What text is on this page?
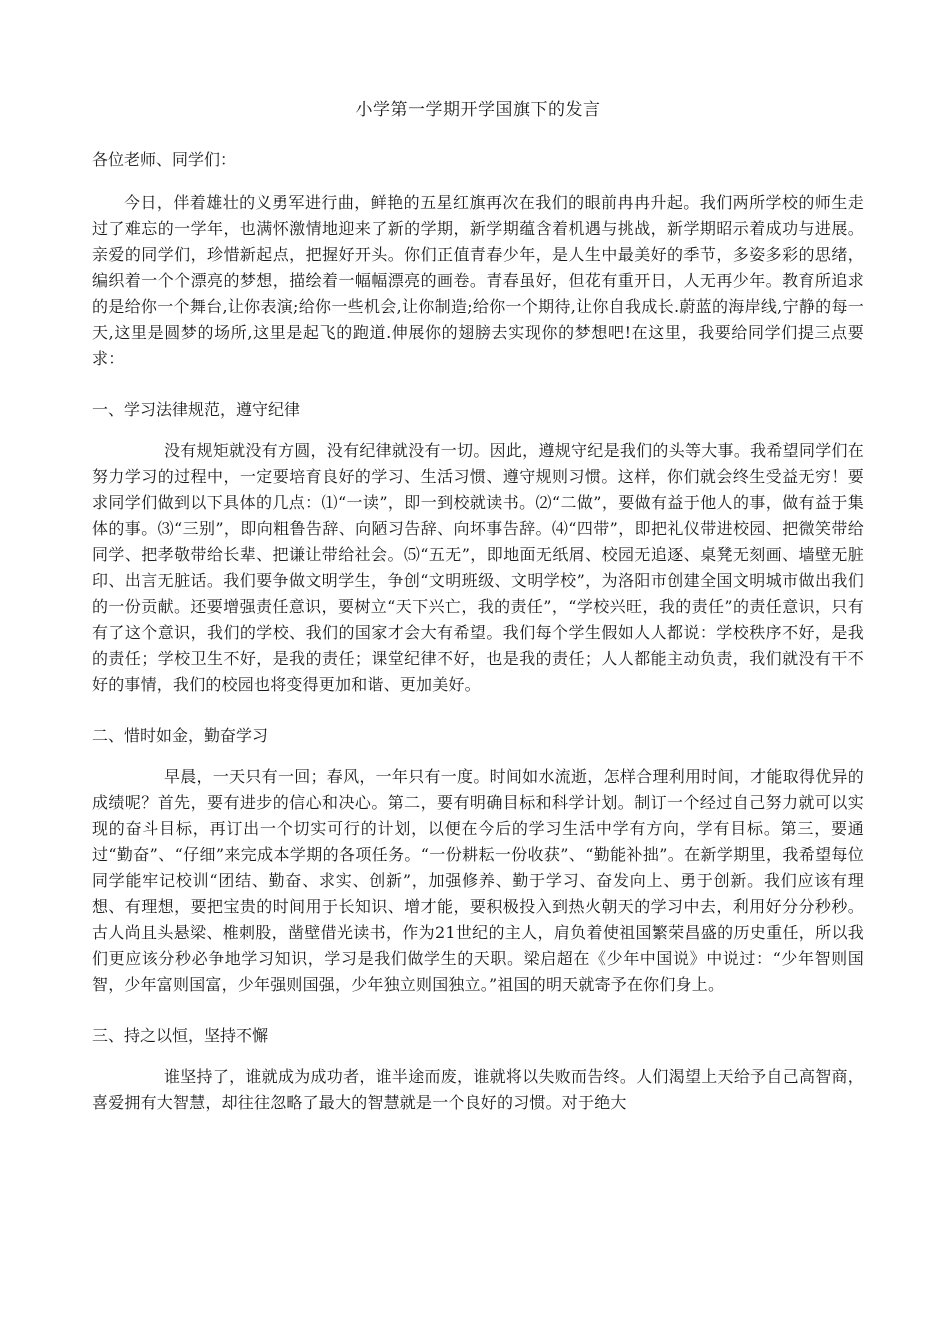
小学第一学期开学国旗下的发言
各位老师、同学们：

今日，伴着雄壮的义勇军进行曲，鲜艳的五星红旗再次在我们的眼前冉冉升起。我们两所学校的师生走过了难忘的一学年，也满怀激情地迎来了新的学期，新学期蕴含着机遇与挑战，新学期昭示着成功与进展。亲爱的同学们，珍惜新起点，把握好开头。你们正值青春少年，是人生中最美好的季节，多姿多彩的思绪，编织着一个个漂亮的梦想，描绘着一幅幅漂亮的画卷。青春虽好，但花有重开日，人无再少年。教育所追求的是给你一个舞台,让你表演;给你一些机会,让你制造;给你一个期待,让你自我成长.蔚蓝的海岸线,宁静的每一天,这里是圆梦的场所,这里是起飞的跑道.伸展你的翅膀去实现你的梦想吧!在这里，我要给同学们提三点要求：

一、学习法律规范，遵守纪律

没有规矩就没有方圆，没有纪律就没有一切。因此，遵规守纪是我们的头等大事。我希望同学们在努力学习的过程中，一定要培育良好的学习、生活习惯、遵守规则习惯。这样，你们就会终生受益无穷！要求同学们做到以下具体的几点：⑴“一读”，即一到校就读书。⑵“二做”，要做有益于他人的事，做有益于集体的事。⑶“三别”，即向粗鲁告辞、向陋习告辞、向坏事告辞。⑷“四带”，即把礼仪带进校园、把微笑带给同学、把孝敬带给长辈、把谦让带给社会。⑸“五无”，即地面无纸屑、校园无追逐、桌凳无刻画、墙壁无脏印、出言无脏话。我们要争做文明学生，争创“文明班级、文明学校”，为洛阳市创建全国文明城市做出我们的一份贡献。还要增强责任意识，要树立“天下兴亡，我的责任”，“学校兴旺，我的责任”的责任意识，只有有了这个意识，我们的学校、我们的国家才会大有希望。我们每个学生假如人人都说：学校秩序不好，是我的责任；学校卫生不好，是我的责任；课堂纪律不好，也是我的责任；人人都能主动负责，我们就没有干不好的事情，我们的校园也将变得更加和谐、更加美好。

二、惜时如金，勤奋学习

早晨，一天只有一回；春风，一年只有一度。时间如水流逝，怎样合理利用时间，才能取得优异的成绩呢？首先，要有进步的信心和决心。第二，要有明确目标和科学计划。制订一个经过自己努力就可以实现的奋斗目标，再订出一个切实可行的计划，以便在今后的学习生活中学有方向，学有目标。第三，要通过“勤奋”、“仔细”来完成本学期的各项任务。“一份耕耘一份收获”、“勤能补拙”。在新学期里，我希望每位同学能牢记校训“团结、勤奋、求实、创新”，加强修养、勤于学习、奋发向上、勇于创新。我们应该有理想、有理想，要把宝贵的时间用于长知识、增才能，要积极投入到热火朝天的学习中去，利用好分分秒秒。古人尚且头悬梁、椎刺股，凿壁借光读书，作为21世纪的主人，肩负着使祖国繁荣昌盛的历史重任，所以我们更应该分秒必争地学习知识，学习是我们做学生的天职。梁启超在《少年中国说》中说过：“少年智则国智，少年富则国富，少年强则国强，少年独立则国独立。”祖国的明天就寄予在你们身上。

三、持之以恒，坚持不懈

谁坚持了，谁就成为成功者，谁半途而废，谁就将以失败而告终。人们渴望上天给予自己高智商，喜爱拥有大智慧，却往往忽略了最大的智慧就是一个良好的习惯。对于绝大
